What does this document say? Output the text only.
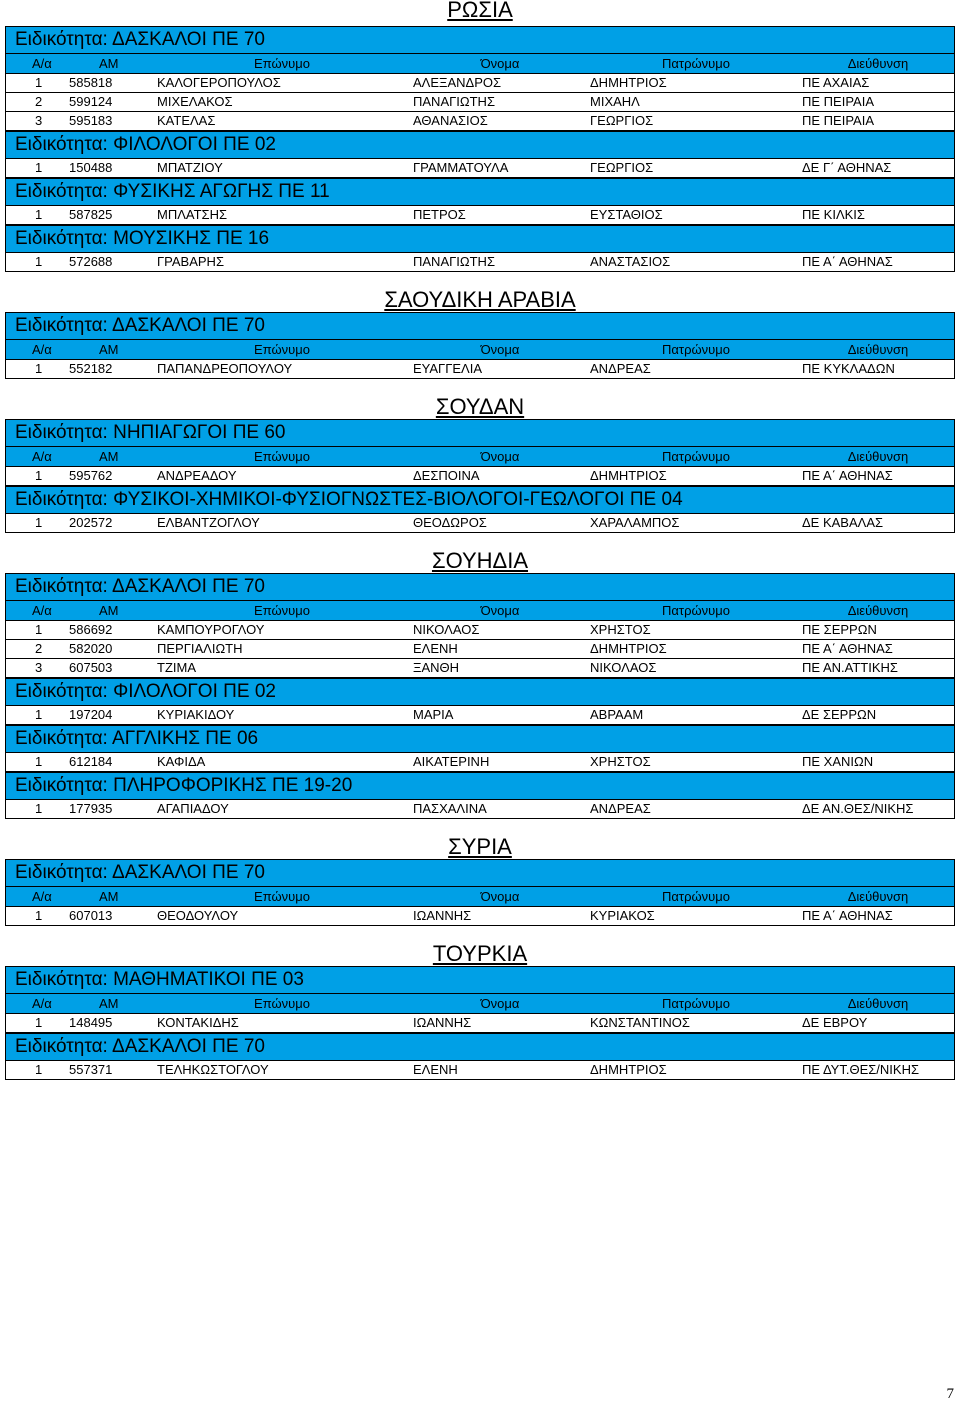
ΡΩΣΙΑ
Ειδικότητα: ΔΑΣΚΑΛΟΙ ΠΕ 70
Α/α	ΑΜ	Επώνυμο	Όνομα	Πατρώνυμο	Διεύθυνση
1	585818	ΚΑΛΟΓΕΡΟΠΟΥΛΟΣ	ΑΛΕΞΑΝΔΡΟΣ	ΔΗΜΗΤΡΙΟΣ	ΠΕ ΑΧΑΙΑΣ
2	599124	ΜΙΧΕΛΑΚΟΣ	ΠΑΝΑΓΙΩΤΗΣ	ΜΙΧΑΗΛ	ΠΕ ΠΕΙΡΑΙΑ
3	595183	ΚΑΤΕΛΑΣ	ΑΘΑΝΑΣΙΟΣ	ΓΕΩΡΓΙΟΣ	ΠΕ ΠΕΙΡΑΙΑ
Ειδικότητα: ΦΙΛΟΛΟΓΟΙ ΠΕ 02
1	150488	ΜΠΑΤΖΙΟΥ	ΓΡΑΜΜΑΤΟΥΛΑ	ΓΕΩΡΓΙΟΣ	ΔΕ Γ΄ ΑΘΗΝΑΣ
Ειδικότητα: ΦΥΣΙΚΗΣ ΑΓΩΓΗΣ ΠΕ 11
1	587825	ΜΠΛΑΤΣΗΣ	ΠΕΤΡΟΣ	ΕΥΣΤΑΘΙΟΣ	ΠΕ ΚΙΛΚΙΣ
Ειδικότητα: ΜΟΥΣΙΚΗΣ ΠΕ 16
1	572688	ΓΡΑΒΑΡΗΣ	ΠΑΝΑΓΙΩΤΗΣ	ΑΝΑΣΤΑΣΙΟΣ	ΠΕ Α΄ ΑΘΗΝΑΣ
ΣΑΟΥΔΙΚΗ ΑΡΑΒΙΑ
Ειδικότητα: ΔΑΣΚΑΛΟΙ ΠΕ 70
Α/α	ΑΜ	Επώνυμο	Όνομα	Πατρώνυμο	Διεύθυνση
1	552182	ΠΑΠΑΝΔΡΕΟΠΟΥΛΟΥ	ΕΥΑΓΓΕΛΙΑ	ΑΝΔΡΕΑΣ	ΠΕ ΚΥΚΛΑΔΩΝ
ΣΟΥΔΑΝ
Ειδικότητα: ΝΗΠΙΑΓΩΓΟΙ ΠΕ 60
Α/α	ΑΜ	Επώνυμο	Όνομα	Πατρώνυμο	Διεύθυνση
1	595762	ΑΝΔΡΕΑΔΟΥ	ΔΕΣΠΟΙΝΑ	ΔΗΜΗΤΡΙΟΣ	ΠΕ Α΄ ΑΘΗΝΑΣ
Ειδικότητα: ΦΥΣΙΚΟΙ-ΧΗΜΙΚΟΙ-ΦΥΣΙΟΓΝΩΣΤΕΣ-ΒΙΟΛΟΓΟΙ-ΓΕΩΛΟΓΟΙ ΠΕ 04
1	202572	ΕΛΒΑΝΤΖΟΓΛΟΥ	ΘΕΟΔΩΡΟΣ	ΧΑΡΑΛΑΜΠΟΣ	ΔΕ ΚΑΒΑΛΑΣ
ΣΟΥΗΔΙΑ
Ειδικότητα: ΔΑΣΚΑΛΟΙ ΠΕ 70
Α/α	ΑΜ	Επώνυμο	Όνομα	Πατρώνυμο	Διεύθυνση
1	586692	ΚΑΜΠΟΥΡΟΓΛΟΥ	ΝΙΚΟΛΑΟΣ	ΧΡΗΣΤΟΣ	ΠΕ ΣΕΡΡΩΝ
2	582020	ΠΕΡΓΙΑΛΙΩΤΗ	ΕΛΕΝΗ	ΔΗΜΗΤΡΙΟΣ	ΠΕ Α΄ ΑΘΗΝΑΣ
3	607503	ΤΖΙΜΑ	ΞΑΝΘΗ	ΝΙΚΟΛΑΟΣ	ΠΕ ΑΝ.ΑΤΤΙΚΗΣ
Ειδικότητα: ΦΙΛΟΛΟΓΟΙ ΠΕ 02
1	197204	ΚΥΡΙΑΚΙΔΟΥ	ΜΑΡΙΑ	ΑΒΡΑΑΜ	ΔΕ ΣΕΡΡΩΝ
Ειδικότητα: ΑΓΓΛΙΚΗΣ ΠΕ 06
1	612184	ΚΑΦΙΔΑ	ΑΙΚΑΤΕΡΙΝΗ	ΧΡΗΣΤΟΣ	ΠΕ ΧΑΝΙΩΝ
Ειδικότητα: ΠΛΗΡΟΦΟΡΙΚΗΣ ΠΕ 19-20
1	177935	ΑΓΑΠΙΑΔΟΥ	ΠΑΣΧΑΛΙΝΑ	ΑΝΔΡΕΑΣ	ΔΕ ΑΝ.ΘΕΣ/ΝΙΚΗΣ
ΣΥΡΙΑ
Ειδικότητα: ΔΑΣΚΑΛΟΙ ΠΕ 70
Α/α	ΑΜ	Επώνυμο	Όνομα	Πατρώνυμο	Διεύθυνση
1	607013	ΘΕΟΔΟΥΛΟΥ	ΙΩΑΝΝΗΣ	ΚΥΡΙΑΚΟΣ	ΠΕ Α΄ ΑΘΗΝΑΣ
ΤΟΥΡΚΙΑ
Ειδικότητα: ΜΑΘΗΜΑΤΙΚΟΙ ΠΕ 03
Α/α	ΑΜ	Επώνυμο	Όνομα	Πατρώνυμο	Διεύθυνση
1	148495	ΚΟΝΤΑΚΙΔΗΣ	ΙΩΑΝΝΗΣ	ΚΩΝΣΤΑΝΤΙΝΟΣ	ΔΕ ΕΒΡΟΥ
Ειδικότητα: ΔΑΣΚΑΛΟΙ ΠΕ 70
1	557371	ΤΕΛΗΚΩΣΤΟΓΛΟΥ	ΕΛΕΝΗ	ΔΗΜΗΤΡΙΟΣ	ΠΕ ΔΥΤ.ΘΕΣ/ΝΙΚΗΣ
7
